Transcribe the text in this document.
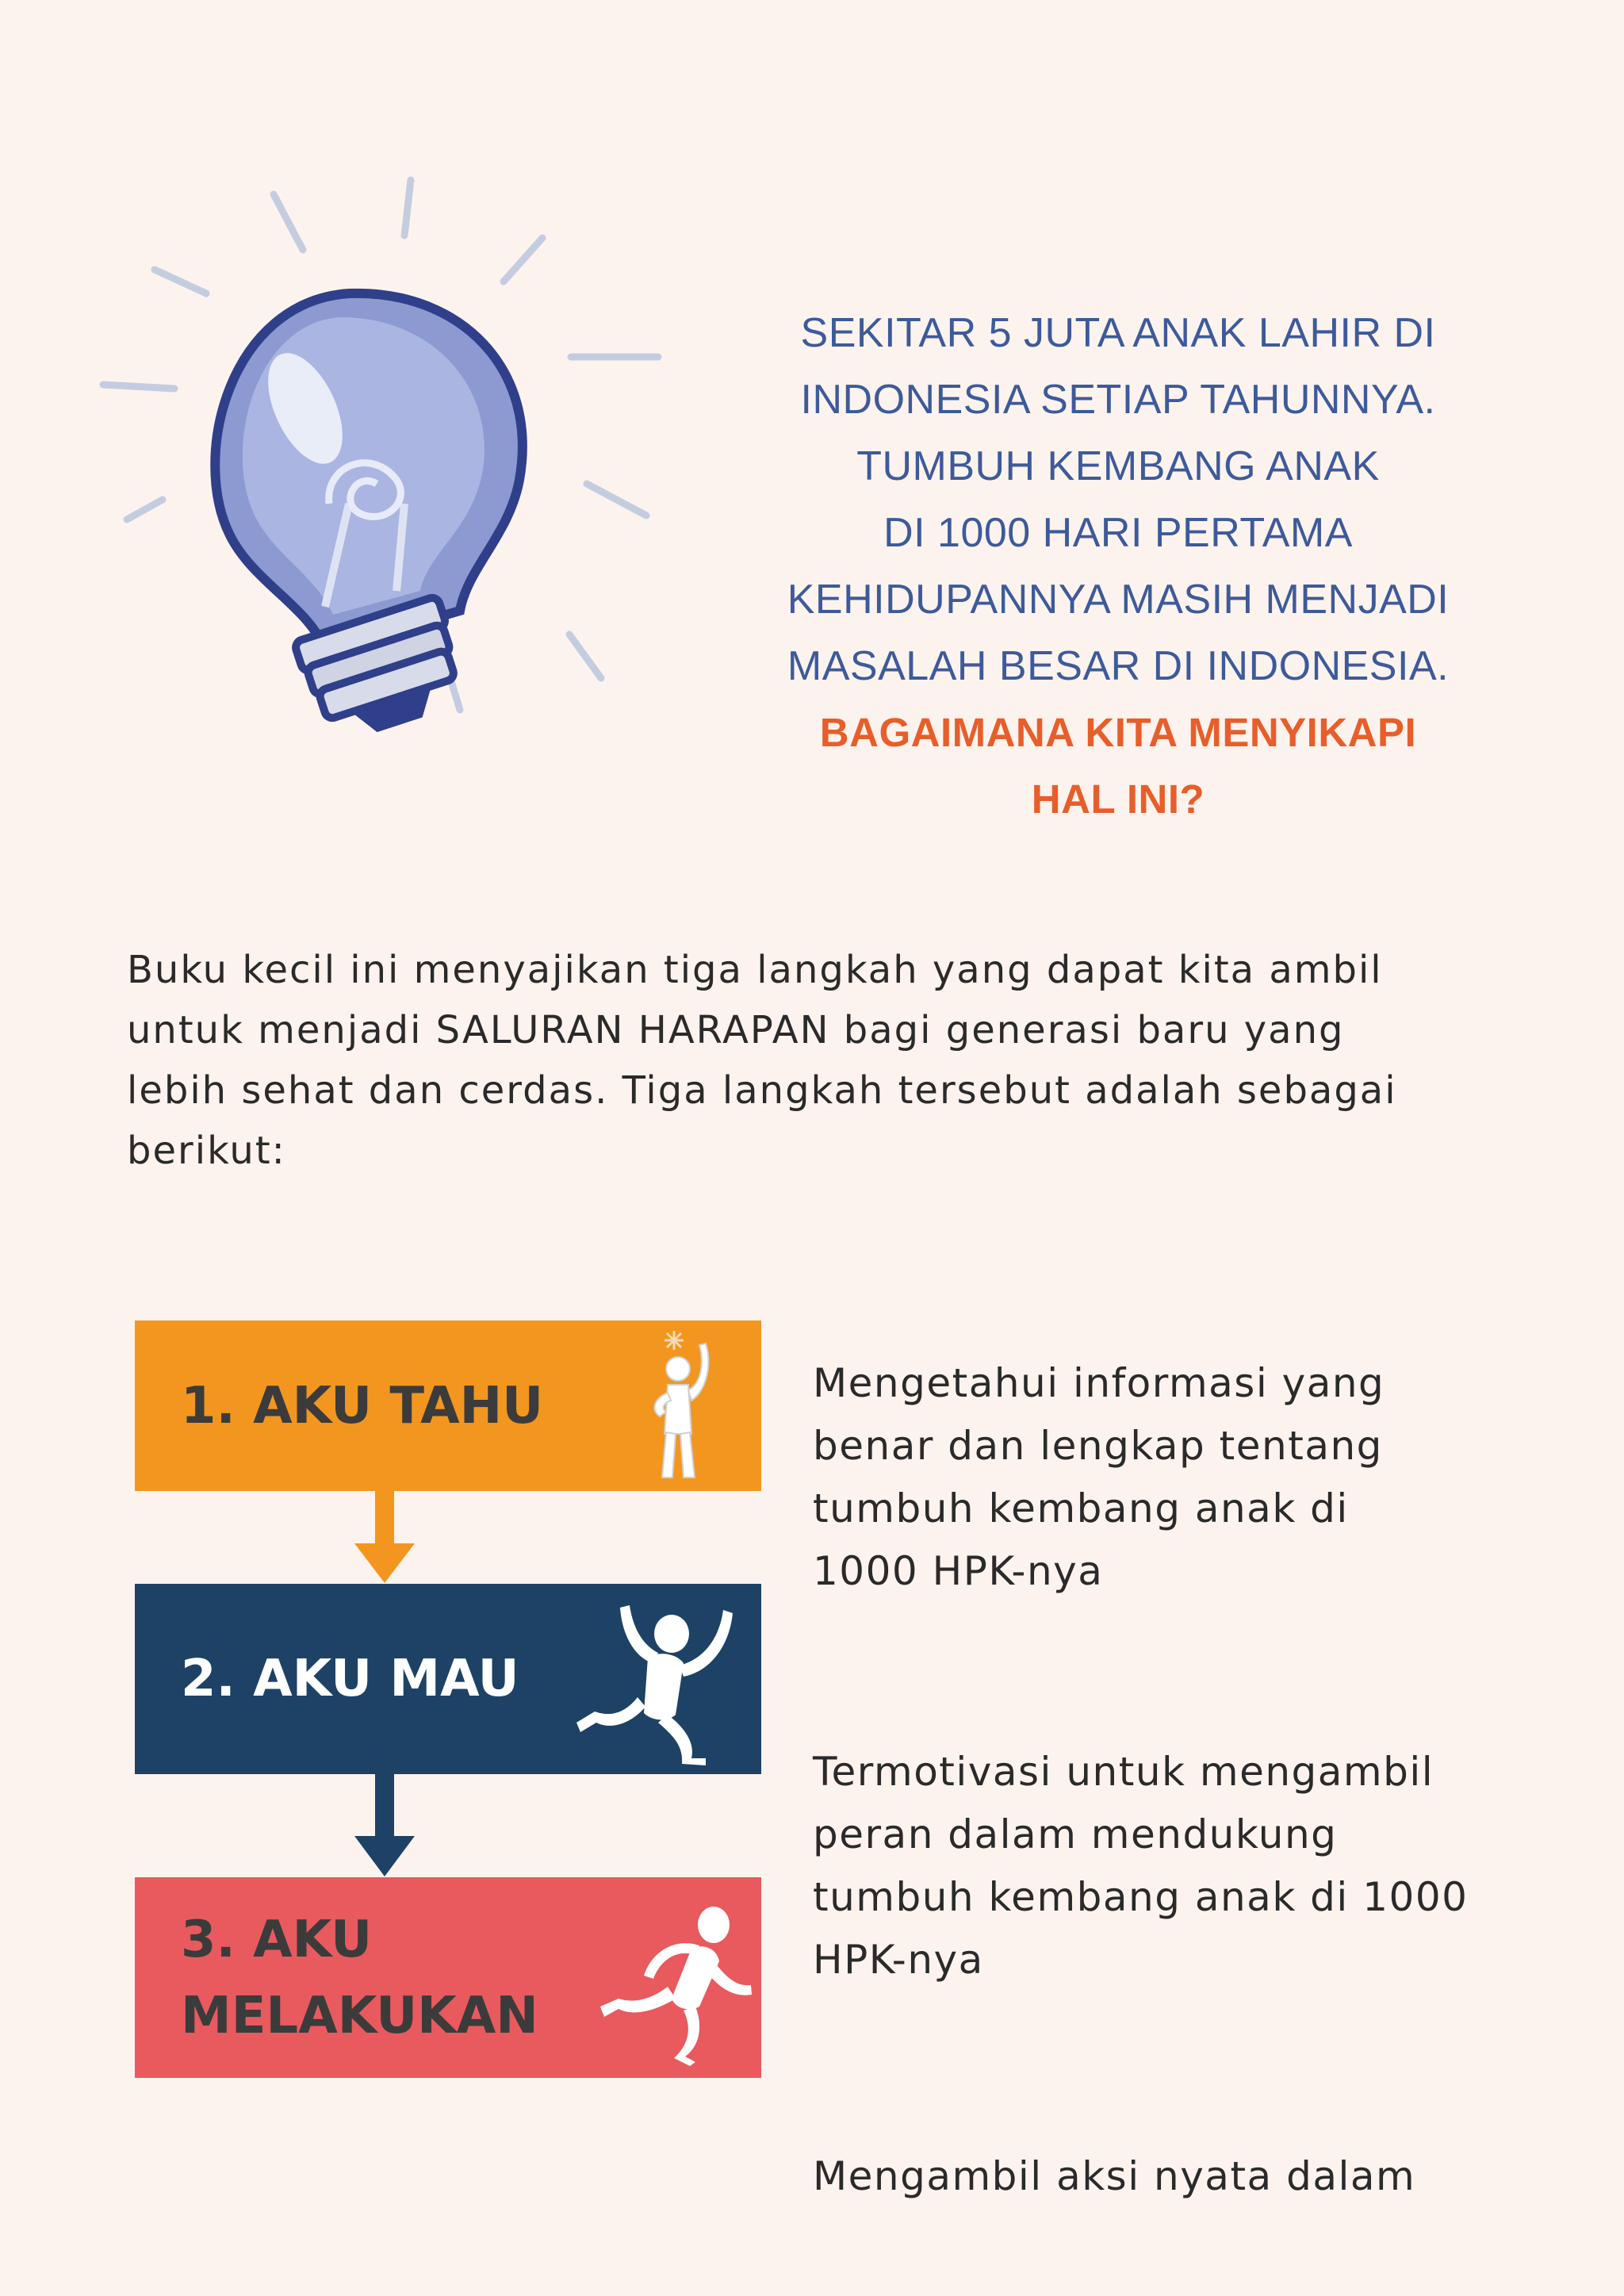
SEKITAR 5 JUTA ANAK LAHIR DI
INDONESIA SETIAP TAHUNNYA.
TUMBUH KEMBANG ANAK
DI 1000 HARI PERTAMA
KEHIDUPANNYA MASIH MENJADI
MASALAH BESAR DI INDONESIA.
BAGAIMANA KITA MENYIKAPI
HAL INI?
Buku kecil ini menyajikan tiga langkah yang dapat kita ambil
untuk menjadi SALURAN HARAPAN bagi generasi baru yang
lebih sehat dan cerdas. Tiga langkah tersebut adalah sebagai
berikut:
1. AKU TAHU
2. AKU MAU
3. AKU
MELAKUKAN
Mengetahui informasi yang
benar dan lengkap tentang
tumbuh kembang anak di
1000 HPK-nya
Termotivasi untuk mengambil
peran dalam mendukung
tumbuh kembang anak di 1000
HPK-nya
Mengambil aksi nyata dalam
